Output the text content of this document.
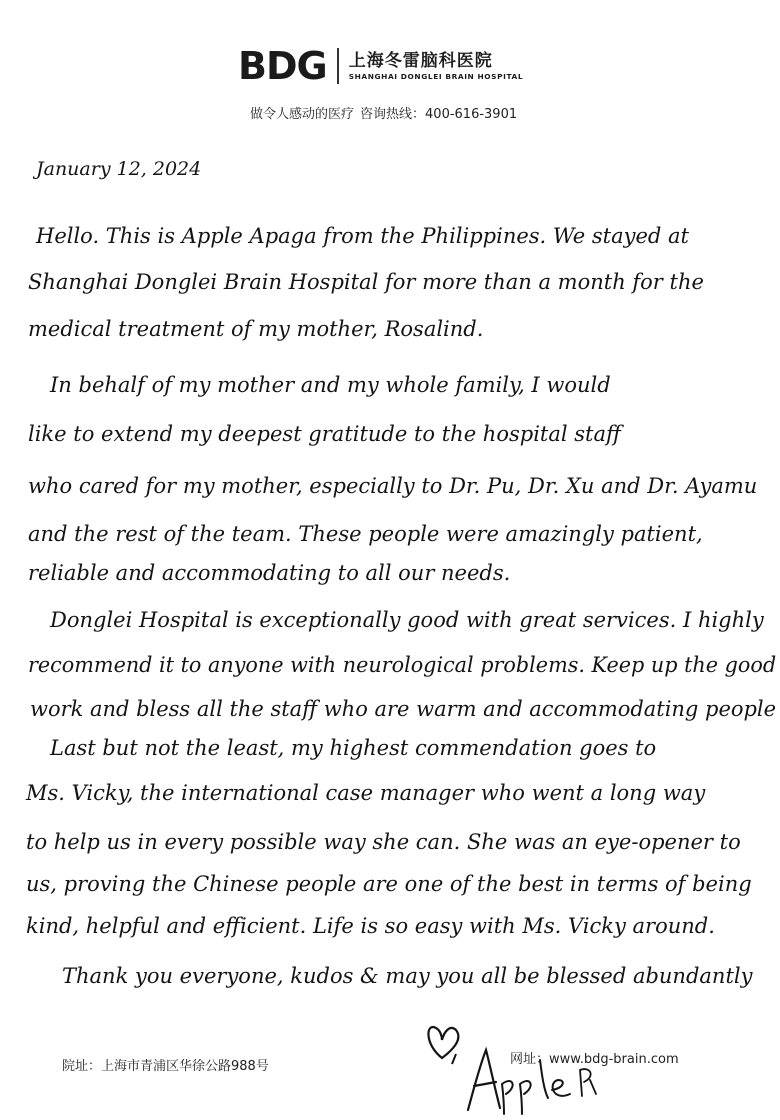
BDG 上海冬雷脑科医院
SHANGHAI DONGLEI BRAIN HOSPITAL
做令人感动的医疗 咨询热线：400-616-3901
January 12, 2024
Hello. This is Apple Apaga from the Philippines. We stayed at
Shanghai Donglei Brain Hospital for more than a month for the
medical treatment of my mother, Rosalind.
In behalf of my mother and my whole family, I would
like to extend my deepest gratitude to the hospital staff
who cared for my mother, especially to Dr. Pu, Dr. Xu and Dr. Ayamu
and the rest of the team. These people were amazingly patient,
reliable and accommodating to all our needs.
Donglei Hospital is exceptionally good with great services. I highly
recommend it to anyone with neurological problems. Keep up the good
work and bless all the staff who are warm and accommodating people
Last but not the least, my highest commendation goes to
Ms. Vicky, the international case manager who went a long way
to help us in every possible way she can. She was an eye-opener to
us, proving the Chinese people are one of the best in terms of being
kind, helpful and efficient. Life is so easy with Ms. Vicky around.
Thank you everyone, kudos & may you all be blessed abundantly
院址：上海市青浦区华徐公路988号	网址：www.bdg-brain.com
